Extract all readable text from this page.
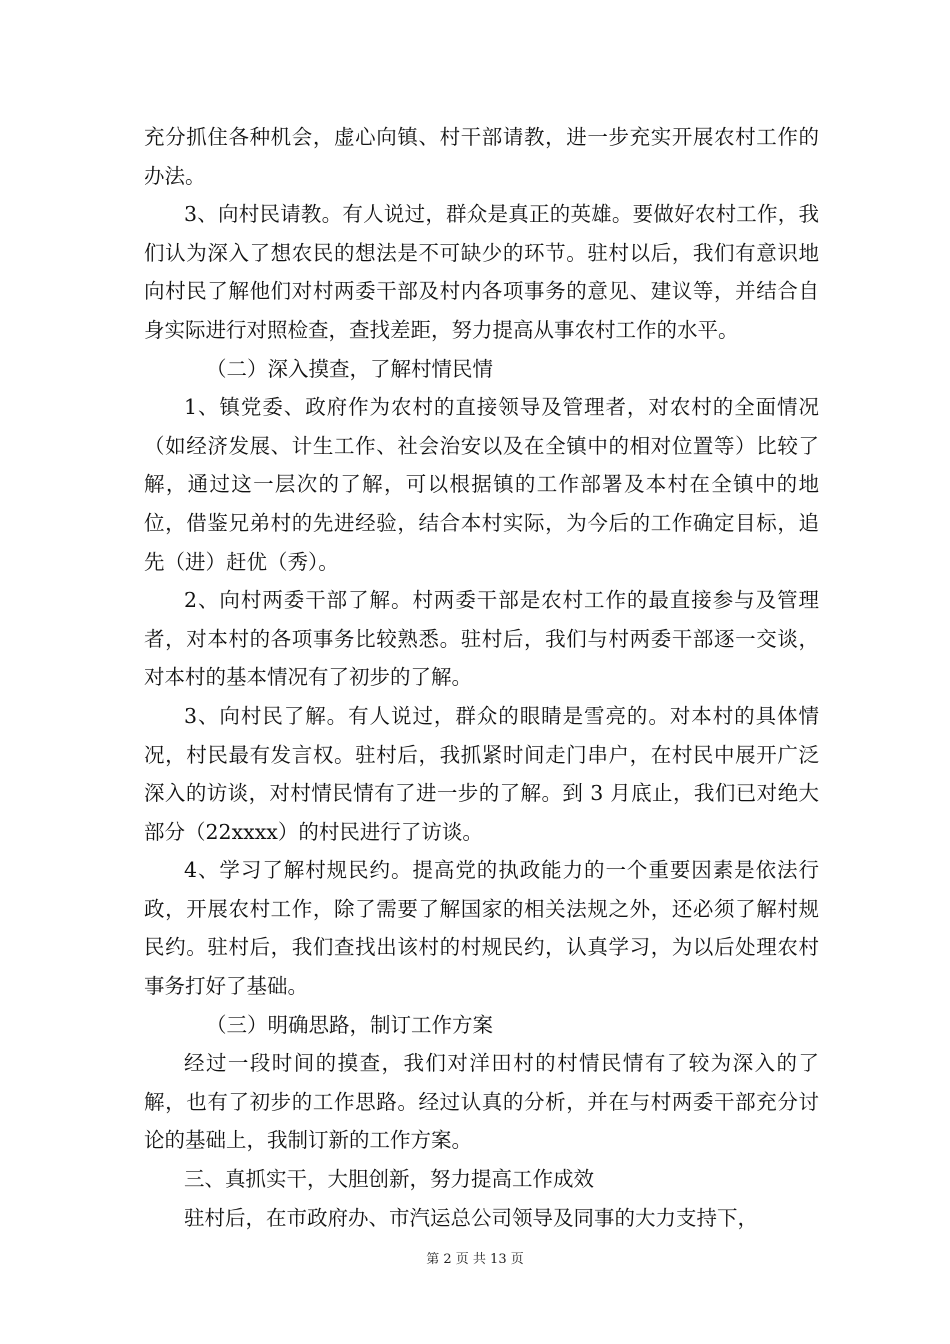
充分抓住各种机会，虚心向镇、村干部请教，进一步充实开展农村工作的办法。

3、向村民请教。有人说过，群众是真正的英雄。要做好农村工作，我们认为深入了想农民的想法是不可缺少的环节。驻村以后，我们有意识地向村民了解他们对村两委干部及村内各项事务的意见、建议等，并结合自身实际进行对照检查，查找差距，努力提高从事农村工作的水平。

（二）深入摸查，了解村情民情

1、镇党委、政府作为农村的直接领导及管理者，对农村的全面情况（如经济发展、计生工作、社会治安以及在全镇中的相对位置等）比较了解，通过这一层次的了解，可以根据镇的工作部署及本村在全镇中的地位，借鉴兄弟村的先进经验，结合本村实际，为今后的工作确定目标，追先（进）赶优（秀）。

2、向村两委干部了解。村两委干部是农村工作的最直接参与及管理者，对本村的各项事务比较熟悉。驻村后，我们与村两委干部逐一交谈，对本村的基本情况有了初步的了解。

3、向村民了解。有人说过，群众的眼睛是雪亮的。对本村的具体情况，村民最有发言权。驻村后，我抓紧时间走门串户，在村民中展开广泛深入的访谈，对村情民情有了进一步的了解。到 3 月底止，我们已对绝大部分（22xxxx）的村民进行了访谈。

4、学习了解村规民约。提高党的执政能力的一个重要因素是依法行政，开展农村工作，除了需要了解国家的相关法规之外，还必须了解村规民约。驻村后，我们查找出该村的村规民约，认真学习，为以后处理农村事务打好了基础。

（三）明确思路，制订工作方案

经过一段时间的摸查，我们对洋田村的村情民情有了较为深入的了解，也有了初步的工作思路。经过认真的分析，并在与村两委干部充分讨论的基础上，我制订新的工作方案。

三、真抓实干，大胆创新，努力提高工作成效

驻村后，在市政府办、市汽运总公司领导及同事的大力支持下，

第 2 页 共 13 页
